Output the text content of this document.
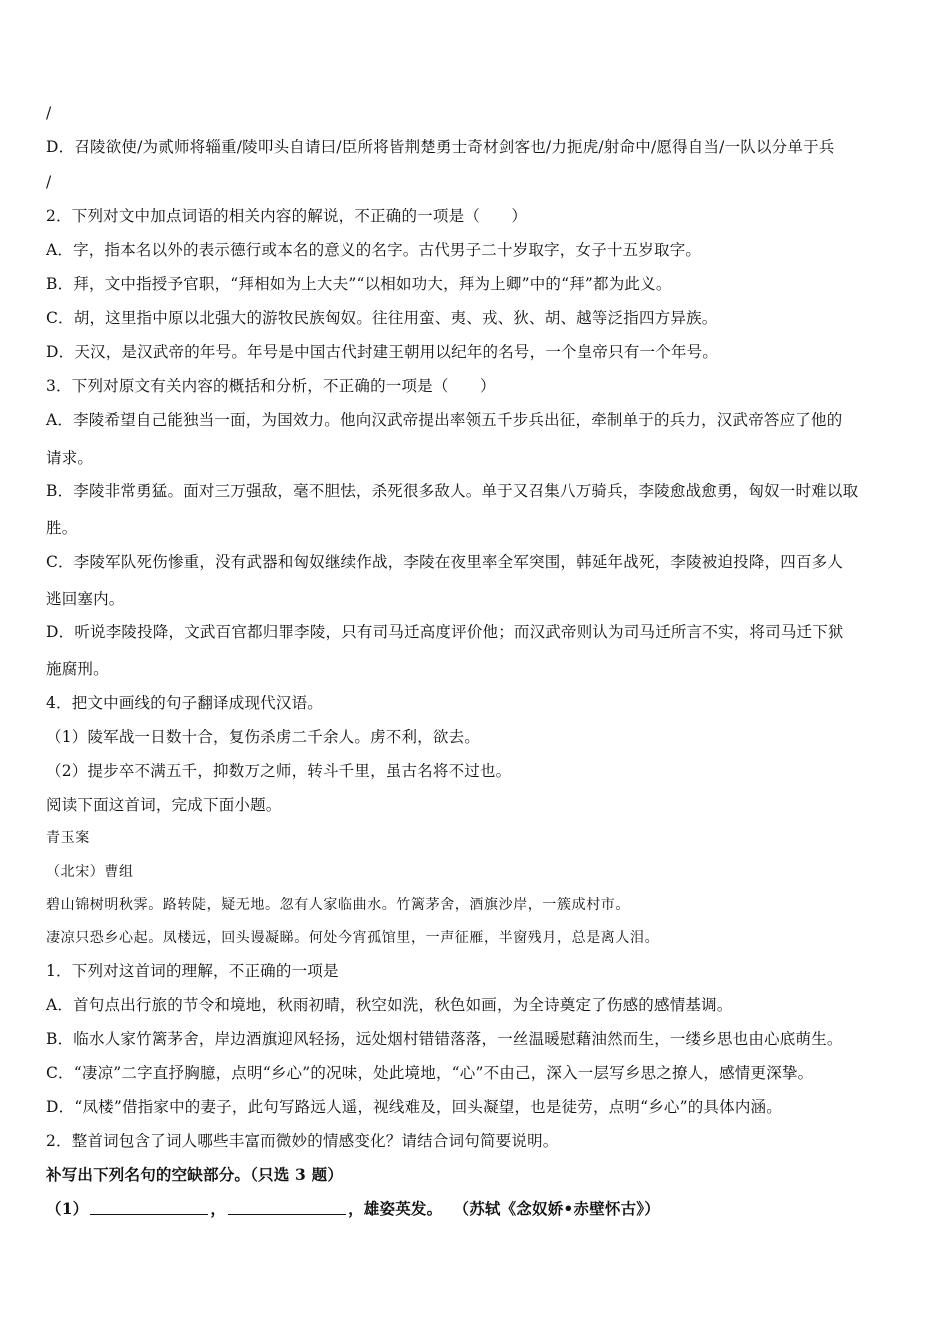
/
D．召陵欲使/为贰师将辎重/陵叩头自请曰/臣所将皆荆楚勇士奇材剑客也/力扼虎/射命中/愿得自当/一队以分单于兵
/
2．下列对文中加点词语的相关内容的解说，不正确的一项是（　　）
A．字，指本名以外的表示德行或本名的意义的名字。古代男子二十岁取字，女子十五岁取字。
B．拜，文中指授予官职，“拜相如为上大夫”“以相如功大，拜为上卿”中的“拜”都为此义。
C．胡，这里指中原以北强大的游牧民族匈奴。往往用蛮、夷、戎、狄、胡、越等泛指四方异族。
D．天汉，是汉武帝的年号。年号是中国古代封建王朝用以纪年的名号，一个皇帝只有一个年号。
3．下列对原文有关内容的概括和分析，不正确的一项是（　　）
A．李陵希望自己能独当一面，为国效力。他向汉武帝提出率领五千步兵出征，牵制单于的兵力，汉武帝答应了他的
请求。
B．李陵非常勇猛。面对三万强敌，毫不胆怯，杀死很多敌人。单于又召集八万骑兵，李陵愈战愈勇，匈奴一时难以取
胜。
C．李陵军队死伤惨重，没有武器和匈奴继续作战，李陵在夜里率全军突围，韩延年战死，李陵被迫投降，四百多人
逃回塞内。
D．听说李陵投降，文武百官都归罪李陵，只有司马迁高度评价他；而汉武帝则认为司马迁所言不实，将司马迁下狱
施腐刑。
4．把文中画线的句子翻译成现代汉语。
（1）陵军战一日数十合，复伤杀虏二千余人。虏不利，欲去。
（2）提步卒不满五千，抑数万之师，转斗千里，虽古名将不过也。
阅读下面这首词，完成下面小题。
青玉案
（北宋）曹组
碧山锦树明秋霁。路转陡，疑无地。忽有人家临曲水。竹篱茅舍，酒旗沙岸，一簇成村市。
凄凉只恐乡心起。凤楼远，回头谩凝睇。何处今宵孤馆里，一声征雁，半窗残月，总是离人泪。
1．下列对这首词的理解，不正确的一项是
A．首句点出行旅的节令和境地，秋雨初晴，秋空如洗，秋色如画，为全诗奠定了伤感的感情基调。
B．临水人家竹篱茅舍，岸边酒旗迎风轻扬，远处烟村错错落落，一丝温暖慰藉油然而生，一缕乡思也由心底萌生。
C．“凄凉”二字直抒胸臆，点明“乡心”的况味，处此境地，“心”不由己，深入一层写乡思之撩人，感情更深挚。
D．“凤楼”借指家中的妻子，此句写路远人遥，视线难及，回头凝望，也是徒劳，点明“乡心”的具体内涵。
2．整首词包含了词人哪些丰富而微妙的情感变化？请结合词句简要说明。
补写出下列名句的空缺部分。（只选 3 题）
（1）	，	，雄姿英发。 （苏轼《念奴娇•赤壁怀古》）
